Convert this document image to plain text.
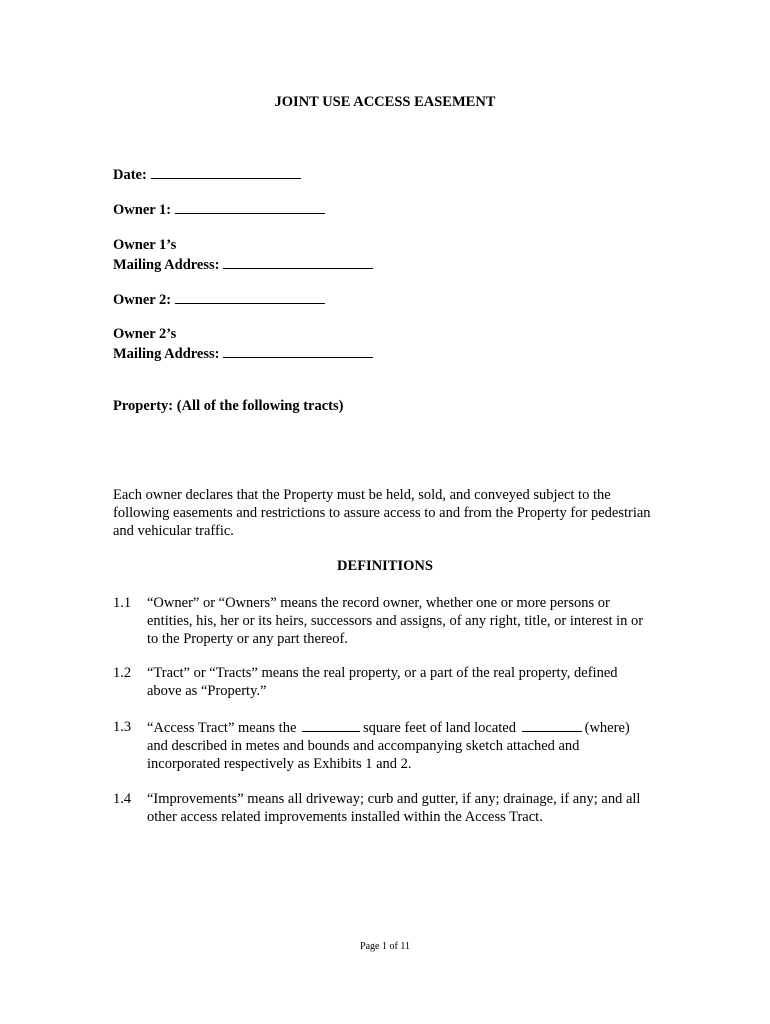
JOINT USE ACCESS EASEMENT
Date:
Owner 1:
Owner 1’s
Mailing Address:
Owner 2:
Owner 2’s
Mailing Address:
Property: (All of the following tracts)
Each owner declares that the Property must be held, sold, and conveyed subject to the following easements and restrictions to assure access to and from the Property for pedestrian and vehicular traffic.
DEFINITIONS
1.1 “Owner” or “Owners” means the record owner, whether one or more persons or entities, his, her or its heirs, successors and assigns, of any right, title, or interest in or to the Property or any part thereof.
1.2 “Tract” or “Tracts” means the real property, or a part of the real property, defined above as “Property.”
1.3 “Access Tract” means the	square feet of land located	(where) and described in metes and bounds and accompanying sketch attached and incorporated respectively as Exhibits 1 and 2.
1.4 “Improvements” means all driveway; curb and gutter, if any; drainage, if any; and all other access related improvements installed within the Access Tract.
Page 1 of 11
